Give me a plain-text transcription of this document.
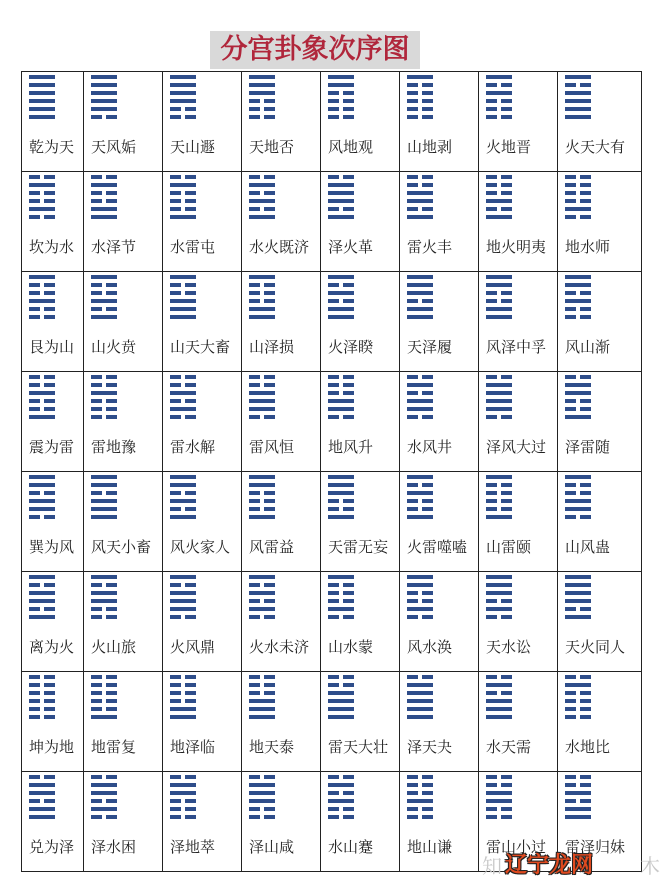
分宫卦象次序图
乾为天 天风姤 天山遯 天地否 风地观 山地剥 火地晋 火天大有
坎为水 水泽节 水雷屯 水火既济 泽火革 雷火丰 地火明夷 地水师
艮为山 山火贲 山天大畜 山泽损 火泽睽 天泽履 风泽中孚 风山渐
震为雷 雷地豫 雷水解 雷风恒 地风升 水风井 泽风大过 泽雷随
巽为风 风天小畜 风火家人 风雷益 天雷无妄 火雷噬嗑 山雷颐 山风蛊
离为火 火山旅 火风鼎 火水未济 山水蒙 风水涣 天水讼 天火同人
坤为地 地雷复 地泽临 地天泰 雷天大壮 泽天夬 水天需 水地比
兑为泽 泽水困 泽地萃 泽山咸 水山蹇 地山谦 雷山小过 雷泽归妹
知 辽宁龙网 木
